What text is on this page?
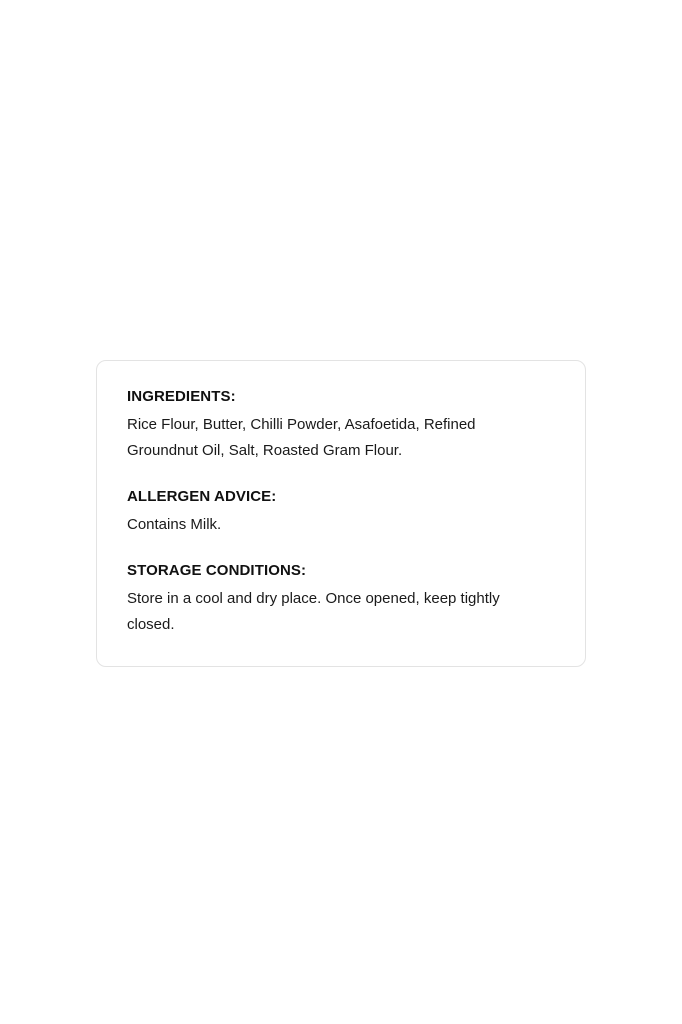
INGREDIENTS:

Rice Flour, Butter, Chilli Powder, Asafoetida, Refined Groundnut Oil, Salt, Roasted Gram Flour.

ALLERGEN ADVICE:

Contains Milk.

STORAGE CONDITIONS:

Store in a cool and dry place. Once opened, keep tightly closed.
